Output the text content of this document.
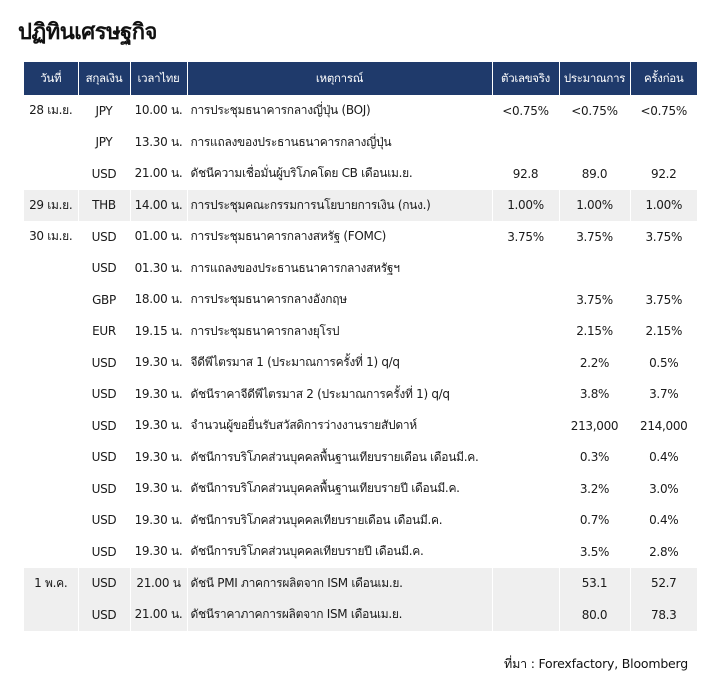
ปฏิทินเศรษฐกิจ
วันที่	สกุลเงิน	เวลาไทย	เหตุการณ์	ตัวเลขจริง	ประมาณการ	ครั้งก่อน
28 เม.ย.	JPY	10.00 น.	การประชุมธนาคารกลางญี่ปุ่น (BOJ)	<0.75%	<0.75%	<0.75%
	JPY	13.30 น.	การแถลงของประธานธนาคารกลางญี่ปุ่น			
	USD	21.00 น.	ดัชนีความเชื่อมั่นผู้บริโภคโดย CB เดือนเม.ย.	92.8	89.0	92.2
29 เม.ย.	THB	14.00 น.	การประชุมคณะกรรมการนโยบายการเงิน (กนง.)	1.00%	1.00%	1.00%
30 เม.ย.	USD	01.00 น.	การประชุมธนาคารกลางสหรัฐ (FOMC)	3.75%	3.75%	3.75%
	USD	01.30 น.	การแถลงของประธานธนาคารกลางสหรัฐฯ			
	GBP	18.00 น.	การประชุมธนาคารกลางอังกฤษ		3.75%	3.75%
	EUR	19.15 น.	การประชุมธนาคารกลางยุโรป		2.15%	2.15%
	USD	19.30 น.	จีดีพีไตรมาส 1 (ประมาณการครั้งที่ 1) q/q		2.2%	0.5%
	USD	19.30 น.	ดัชนีราคาจีดีพีไตรมาส 2 (ประมาณการครั้งที่ 1) q/q		3.8%	3.7%
	USD	19.30 น.	จำนวนผู้ขอยื่นรับสวัสดิการว่างงานรายสัปดาห์		213,000	214,000
	USD	19.30 น.	ดัชนีการบริโภคส่วนบุคคลพื้นฐานเทียบรายเดือน เดือนมี.ค.		0.3%	0.4%
	USD	19.30 น.	ดัชนีการบริโภคส่วนบุคคลพื้นฐานเทียบรายปี เดือนมี.ค.		3.2%	3.0%
	USD	19.30 น.	ดัชนีการบริโภคส่วนบุคคลเทียบรายเดือน เดือนมี.ค.		0.7%	0.4%
	USD	19.30 น.	ดัชนีการบริโภคส่วนบุคคลเทียบรายปี เดือนมี.ค.		3.5%	2.8%
1 พ.ค.	USD	21.00 น	ดัชนี PMI ภาคการผลิตจาก ISM เดือนเม.ย.		53.1	52.7
	USD	21.00 น.	ดัชนีราคาภาคการผลิตจาก ISM เดือนเม.ย.		80.0	78.3
ที่มา : Forexfactory, Bloomberg
